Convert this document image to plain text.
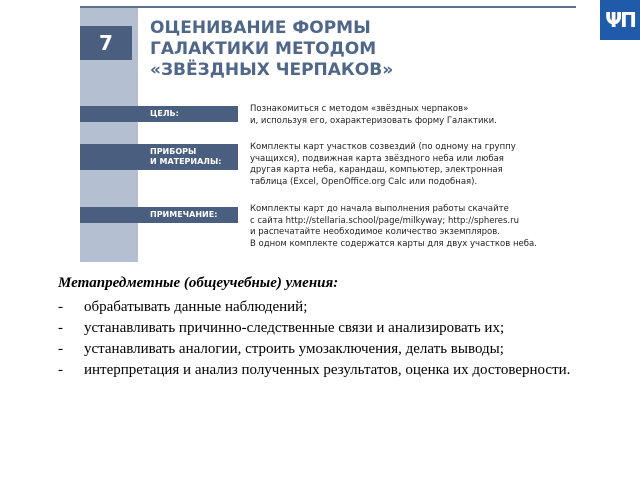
ΨП
7
ОЦЕНИВАНИЕ ФОРМЫ
ГАЛАКТИКИ МЕТОДОМ
«ЗВЁЗДНЫХ ЧЕРПАКОВ»
ЦЕЛЬ:	Познакомиться с методом «звёздных черпаков»
и, используя его, охарактеризовать форму Галактики.
ПРИБОРЫ
И МАТЕРИАЛЫ:
Комплекты карт участков созвездий (по одному на группу
учащихся), подвижная карта звёздного неба или любая
другая карта неба, карандаш, компьютер, электронная
таблица (Excel, OpenOffice.org Calc или подобная).
ПРИМЕЧАНИЕ:
Комплекты карт до начала выполнения работы скачайте
с сайта http://stellaria.school/page/milkyway; http://spheres.ru
и распечатайте необходимое количество экземпляров.
В одном комплекте содержатся карты для двух участков неба.
Метапредметные (общеучебные) умения:
- обрабатывать данные наблюдений;
- устанавливать причинно-следственные связи и анализировать их;
- устанавливать аналогии, строить умозаключения, делать выводы;
- интерпретация и анализ полученных результатов, оценка их достоверности.
